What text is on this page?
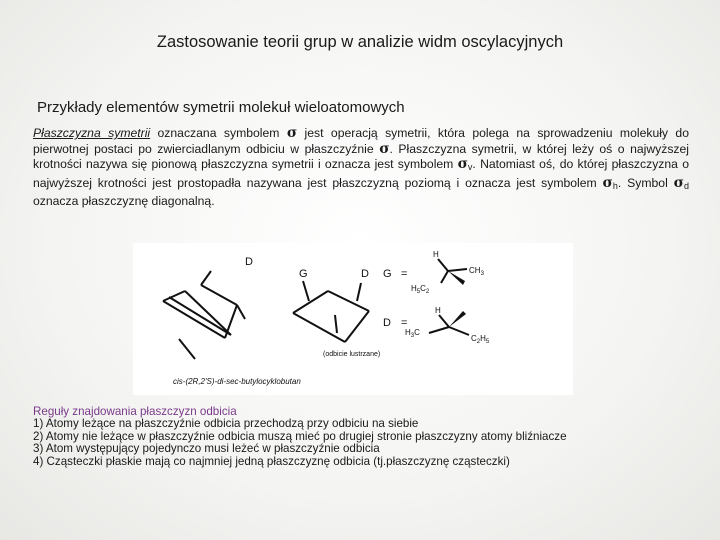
Zastosowanie teorii grup w analizie widm oscylacyjnych
Przykłady elementów symetrii molekuł wieloatomowych
Płaszczyzna symetrii oznaczana symbolem σ jest operacją symetrii, która polega na sprowadzeniu molekuły do pierwotnej postaci po zwierciadlanym odbiciu w płaszczyźnie σ. Płaszczyzna symetrii, w której leży oś o najwyższej krotności nazywa się pionową płaszczyzna symetrii i oznacza jest symbolem $\sigma_v$. Natomiast oś, do której płaszczyzna o najwyższej krotności jest prostopadła nazywana jest płaszczyzną poziomą i oznacza jest symbolem $\sigma_h$. Symbol $\sigma_d$ oznacza płaszczyznę diagonalną.
D
G	D G =
D =
H
$CH_3$
$H_5C_2$
H
$H_3C$
$C_2H_5$
(odbicie lustrzane)
cis-(2R,2'S)-di-sec-butylocyklobutan
Reguły znajdowania płaszczyzn odbicia
1) Atomy leżące na płaszczyźnie odbicia przechodzą przy odbiciu na siebie
2) Atomy nie leżące w płaszczyźnie odbicia muszą mieć po drugiej stronie płaszczyzny atomy bliźniacze
3) Atom występujący pojedynczo musi leżeć w płaszczyźnie odbicia
4) Cząsteczki płaskie mają co najmniej jedną płaszczyznę odbicia (tj.płaszczyznę cząsteczki)
